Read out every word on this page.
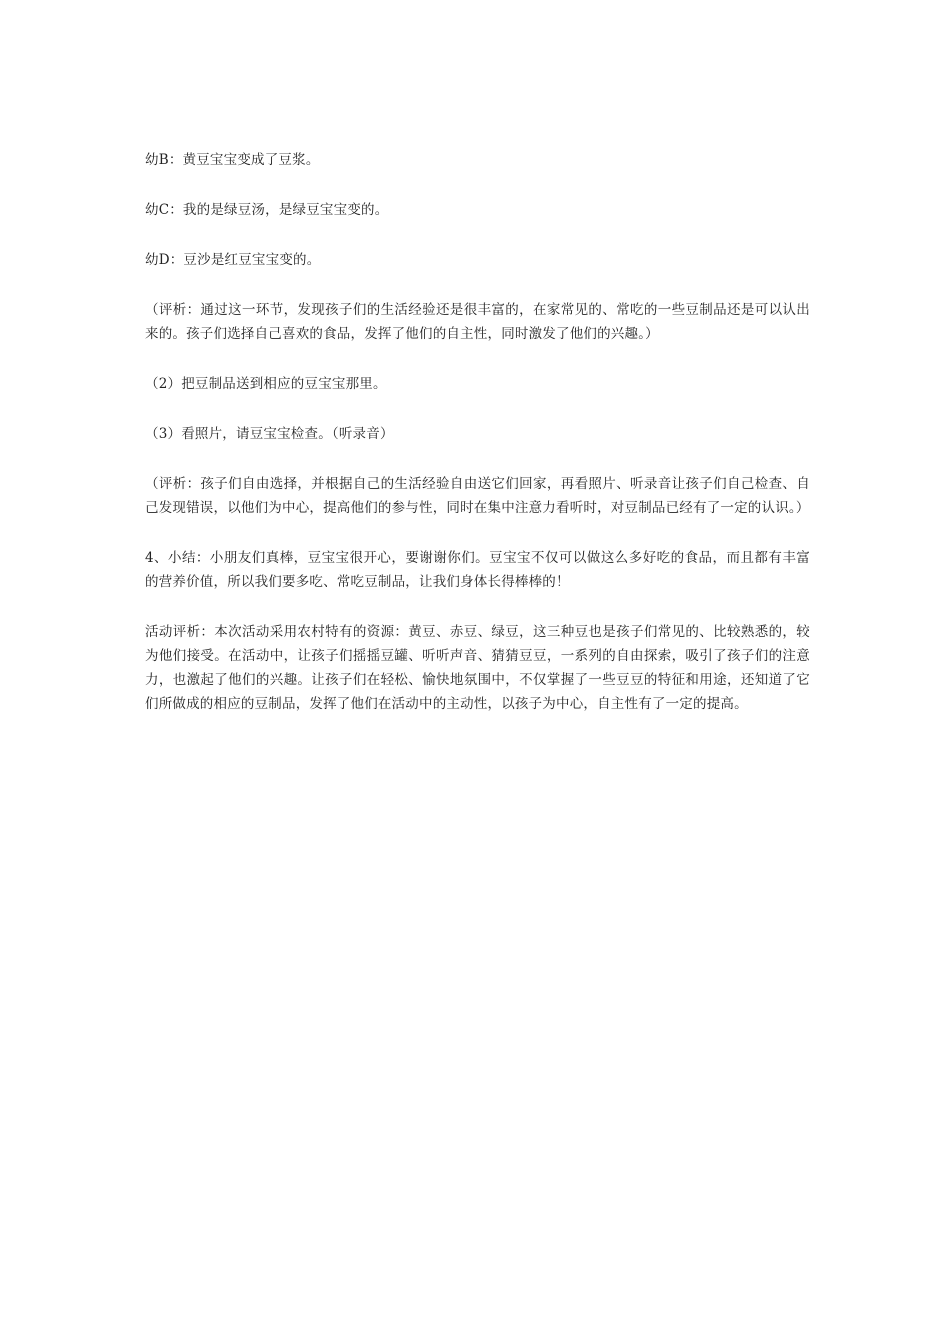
幼B：黄豆宝宝变成了豆浆。

幼C：我的是绿豆汤，是绿豆宝宝变的。

幼D：豆沙是红豆宝宝变的。

（评析：通过这一环节，发现孩子们的生活经验还是很丰富的，在家常见的、常吃的一些豆制品还是可以认出来的。孩子们选择自己喜欢的食品，发挥了他们的自主性，同时激发了他们的兴趣。）

（2）把豆制品送到相应的豆宝宝那里。

（3）看照片，请豆宝宝检查。（听录音）

（评析：孩子们自由选择，并根据自己的生活经验自由送它们回家，再看照片、听录音让孩子们自己检查、自己发现错误，以他们为中心，提高他们的参与性，同时在集中注意力看听时，对豆制品已经有了一定的认识。）

4、小结：小朋友们真棒，豆宝宝很开心，要谢谢你们。豆宝宝不仅可以做这么多好吃的食品，而且都有丰富的营养价值，所以我们要多吃、常吃豆制品，让我们身体长得棒棒的！

活动评析：本次活动采用农村特有的资源：黄豆、赤豆、绿豆，这三种豆也是孩子们常见的、比较熟悉的，较为他们接受。在活动中，让孩子们摇摇豆罐、听听声音、猜猜豆豆，一系列的自由探索，吸引了孩子们的注意力，也激起了他们的兴趣。让孩子们在轻松、愉快地氛围中，不仅掌握了一些豆豆的特征和用途，还知道了它们所做成的相应的豆制品，发挥了他们在活动中的主动性，以孩子为中心，自主性有了一定的提高。
